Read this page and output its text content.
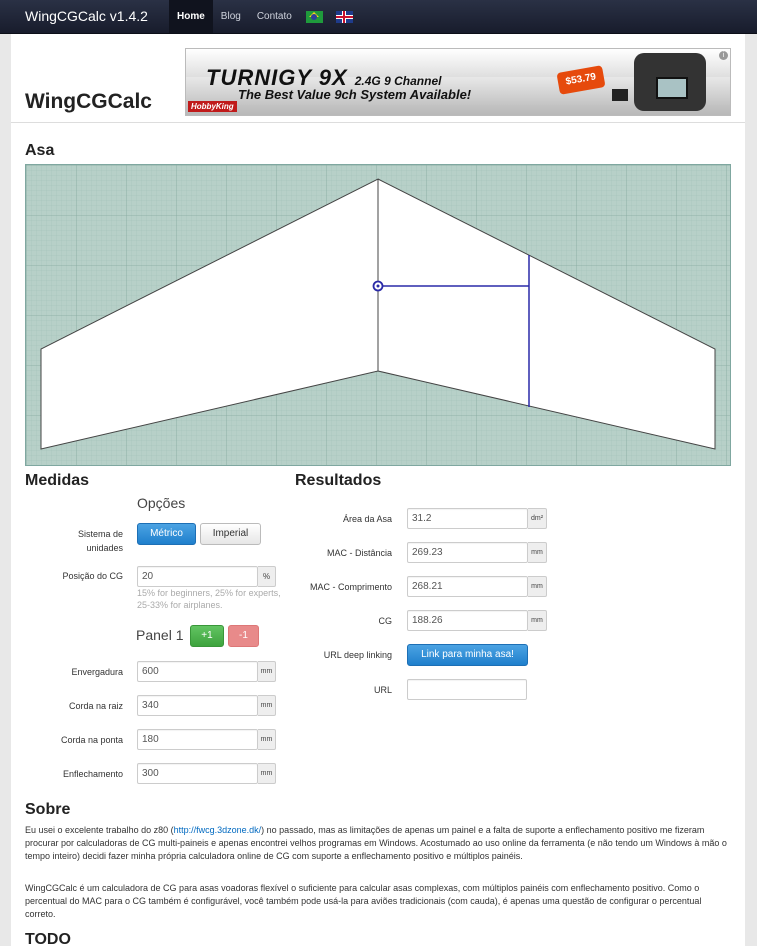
WingCGCalc v1.4.2	Home	Blog	Contato
WingCGCalc
TURNIGY 9X 2.4G 9 Channel
The Best Value 9ch System Available!
HobbyKing
$53.79
i
Asa
Medidas
Opções
Sistema de unidades
Métrico	Imperial
Posição do CG
20	%
15% for beginners, 25% for experts, 25-33% for airplanes.
Panel 1	+1	-1
Envergadura
600	mm
Corda na raiz
340	mm
Corda na ponta
180	mm
Enflechamento
300	mm
Resultados
Área da Asa
31.2	dm²
MAC - Distância
269.23	mm
MAC - Comprimento
268.21	mm
CG
188.26	mm
URL deep linking	Link para minha asa!
URL
Sobre
Eu usei o excelente trabalho do z80 (http://fwcg.3dzone.dk/) no passado, mas as limitações de apenas um painel e a falta de suporte a enflechamento positivo me fizeram procurar por calculadoras de CG multi-paineis e apenas encontrei velhos programas em Windows. Acostumado ao uso online da ferramenta (e não tendo um Windows à mão o tempo inteiro) decidi fazer minha própria calculadora online de CG com suporte a enflechamento positivo e múltiplos painéis.
WingCGCalc é um calculadora de CG para asas voadoras flexível o suficiente para calcular asas complexas, com múltiplos painéis com enflechamento positivo. Como o percentual do MAC para o CG também é configurável, você também pode usá-la para aviões tradicionais (com cauda), é apenas uma questão de configurar o percentual correto.
TODO
